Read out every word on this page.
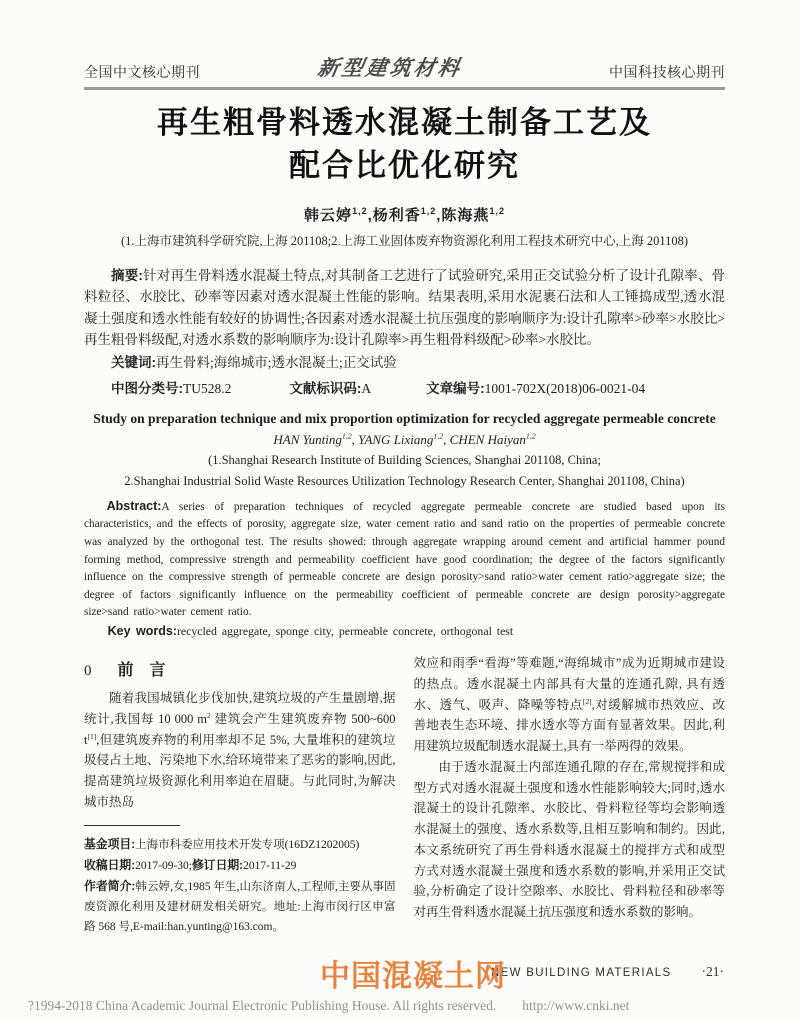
全国中文核心期刊	新型建筑材料	中国科技核心期刊
再生粗骨料透水混凝土制备工艺及
配合比优化研究
韩云婷$^{1,2}$,杨利香$^{1,2}$,陈海燕$^{1,2}$
(1.上海市建筑科学研究院,上海 201108;2.上海工业固体废弃物资源化利用工程技术研究中心,上海 201108)

摘要:针对再生骨料透水混凝土特点,对其制备工艺进行了试验研究,采用正交试验分析了设计孔隙率、骨料粒径、水胶比、砂率等因素对透水混凝土性能的影响。结果表明,采用水泥裹石法和人工锤捣成型,透水混凝土强度和透水性能有较好的协调性;各因素对透水混凝土抗压强度的影响顺序为:设计孔隙率>砂率>水胶比>再生粗骨料级配,对透水系数的影响顺序为:设计孔隙率>再生粗骨料级配>砂率>水胶比。

关键词:再生骨料;海绵城市;透水混凝土;正交试验

中图分类号:TU528.2	文献标识码:A	文章编号:1001-702X(2018)06-0021-04
Study on preparation technique and mix proportion optimization for recycled aggregate permeable concrete
HAN Yunting$^{1,2}$, YANG Lixiang$^{1,2}$, CHEN Haiyan$^{1,2}$
(1.Shanghai Research Institute of Building Sciences, Shanghai 201108, China;
2.Shanghai Industrial Solid Waste Resources Utilization Technology Research Center, Shanghai 201108, China)

Abstract:A series of preparation techniques of recycled aggregate permeable concrete are studied based upon its characteristics, and the effects of porosity, aggregate size, water cement ratio and sand ratio on the properties of permeable concrete was analyzed by the orthogonal test. The results showed: through aggregate wrapping around cement and artificial hammer pound forming method, compressive strength and permeability coefficient have good coordination; the degree of the factors significantly influence on the compressive strength of permeable concrete are design porosity>sand ratio>water cement ratio>aggregate size; the degree of factors significantly influence on the permeability coefficient of permeable concrete are design porosity>aggregate size>sand ratio>water cement ratio.

Key words:recycled aggregate, sponge city, permeable concrete, orthogonal test

0 前　言

随着我国城镇化步伐加快,建筑垃圾的产生量剧增,据统计,我国每 10 000 $m^2$ 建筑会产生建筑废弃物 500~600 t[1],但建筑废弃物的利用率却不足 5%, 大量堆积的建筑垃圾侵占土地、污染地下水,给环境带来了恶劣的影响,因此,提高建筑垃圾资源化利用率迫在眉睫。与此同时,为解决城市热岛

基金项目:上海市科委应用技术开发专项(16DZ1202005)
收稿日期:2017-09-30;修订日期:2017-11-29
作者简介:韩云婷,女,1985 年生,山东济南人,工程师,主要从事固废资源化利用及建材研发相关研究。地址:上海市闵行区申富路 568 号,E-mail:han.yunting@163.com。

效应和雨季“看海”等难题,“海绵城市”成为近期城市建设的热点。透水混凝土内部具有大量的连通孔隙, 具有透水、透气、吸声、降噪等特点[2],对缓解城市热效应、改善地表生态环境、排水透水等方面有显著效果。因此,利用建筑垃圾配制透水混凝土,具有一举两得的效果。

由于透水混凝土内部连通孔隙的存在,常规搅拌和成型方式对透水混凝土强度和透水性能影响较大;同时,透水混凝土的设计孔隙率、水胶比、骨料粒径等均会影响透水混凝土的强度、透水系数等,且相互影响和制约。因此,本文系统研究了再生骨料透水混凝土的搅拌方式和成型方式对透水混凝土强度和透水系数的影响,并采用正交试验,分析确定了设计空隙率、水胶比、骨料粒径和砂率等对再生骨料透水混凝土抗压强度和透水系数的影响。

中国混凝土网
NEW BUILDING MATERIALS ·21·
?1994-2018 China Academic Journal Electronic Publishing House. All rights reserved. http://www.cnki.net
